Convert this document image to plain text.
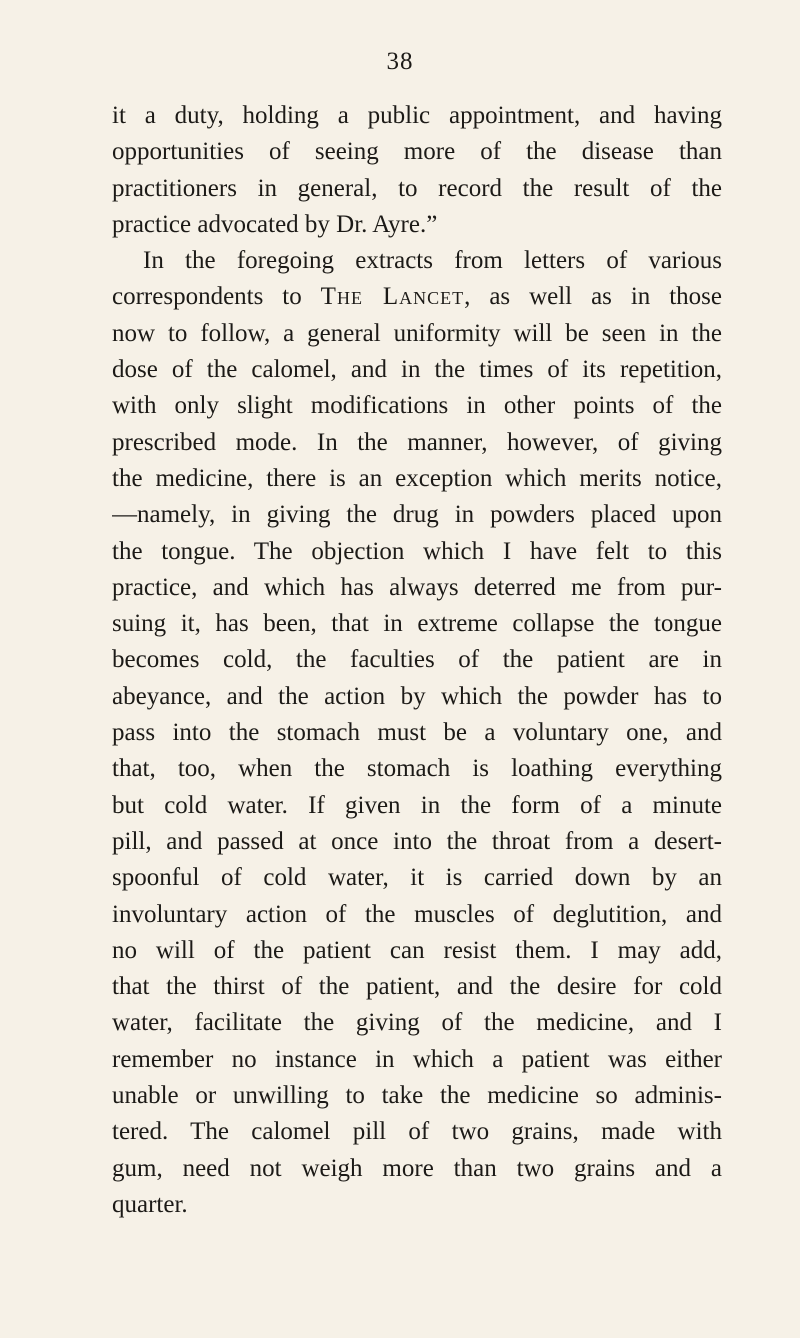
38
it a duty, holding a public appointment, and having
opportunities of seeing more of the disease than
practitioners in general, to record the result of the
practice advocated by Dr. Ayre.”
In the foregoing extracts from letters of various
correspondents to The Lancet, as well as in those
now to follow, a general uniformity will be seen in the
dose of the calomel, and in the times of its repetition,
with only slight modifications in other points of the
prescribed mode. In the manner, however, of giving
the medicine, there is an exception which merits notice,
—namely, in giving the drug in powders placed upon
the tongue. The objection which I have felt to this
practice, and which has always deterred me from pur-
suing it, has been, that in extreme collapse the tongue
becomes cold, the faculties of the patient are in
abeyance, and the action by which the powder has to
pass into the stomach must be a voluntary one, and
that, too, when the stomach is loathing everything
but cold water. If given in the form of a minute
pill, and passed at once into the throat from a desert-
spoonful of cold water, it is carried down by an
involuntary action of the muscles of deglutition, and
no will of the patient can resist them. I may add,
that the thirst of the patient, and the desire for cold
water, facilitate the giving of the medicine, and I
remember no instance in which a patient was either
unable or unwilling to take the medicine so adminis-
tered. The calomel pill of two grains, made with
gum, need not weigh more than two grains and a
quarter.
